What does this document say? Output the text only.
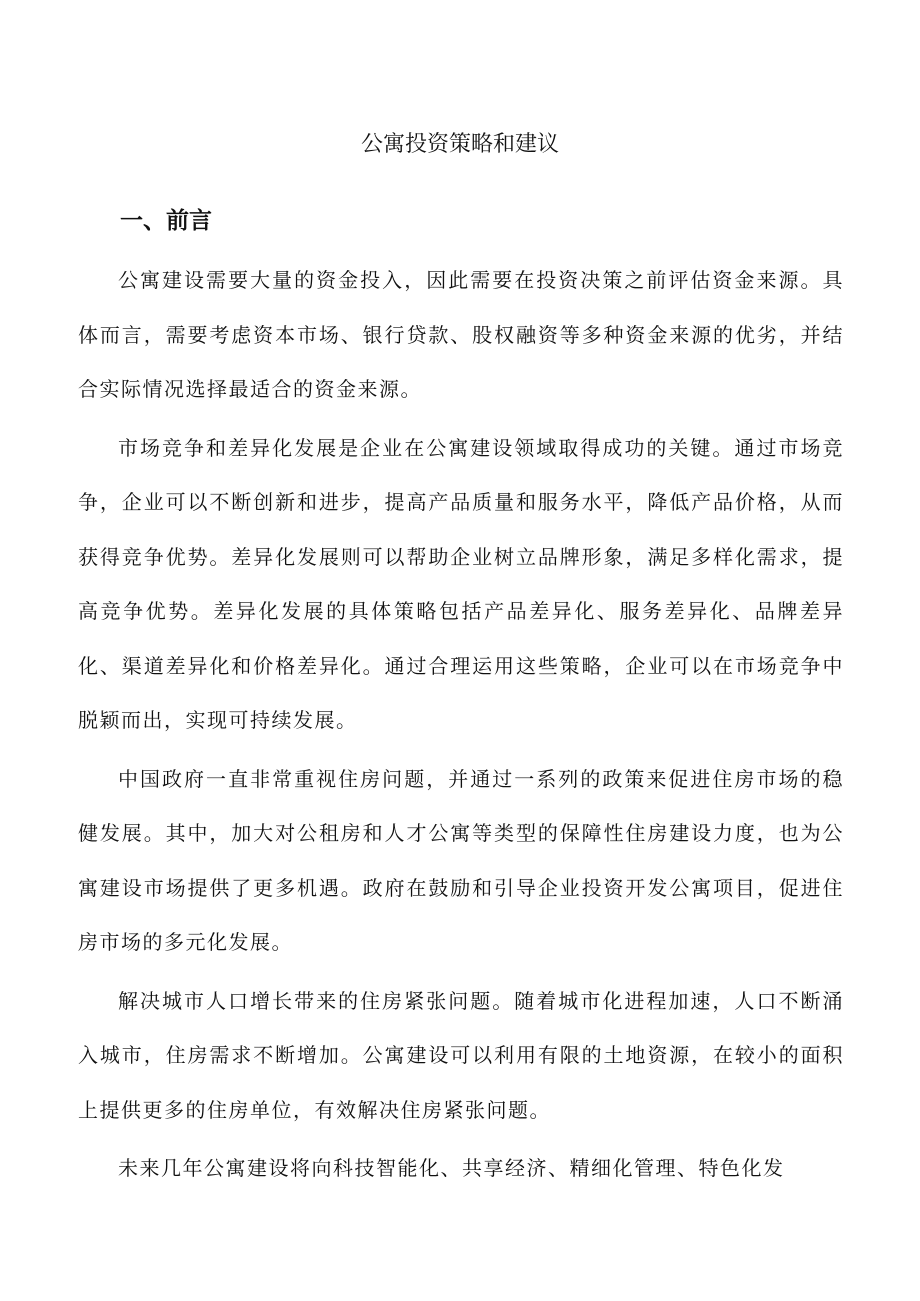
公寓投资策略和建议
一、前言

公寓建设需要大量的资金投入，因此需要在投资决策之前评估资金来源。具体而言，需要考虑资本市场、银行贷款、股权融资等多种资金来源的优劣，并结合实际情况选择最适合的资金来源。

市场竞争和差异化发展是企业在公寓建设领域取得成功的关键。通过市场竞争，企业可以不断创新和进步，提高产品质量和服务水平，降低产品价格，从而获得竞争优势。差异化发展则可以帮助企业树立品牌形象，满足多样化需求，提高竞争优势。差异化发展的具体策略包括产品差异化、服务差异化、品牌差异化、渠道差异化和价格差异化。通过合理运用这些策略，企业可以在市场竞争中脱颖而出，实现可持续发展。

中国政府一直非常重视住房问题，并通过一系列的政策来促进住房市场的稳健发展。其中，加大对公租房和人才公寓等类型的保障性住房建设力度，也为公寓建设市场提供了更多机遇。政府在鼓励和引导企业投资开发公寓项目，促进住房市场的多元化发展。

解决城市人口增长带来的住房紧张问题。随着城市化进程加速，人口不断涌入城市，住房需求不断增加。公寓建设可以利用有限的土地资源，在较小的面积上提供更多的住房单位，有效解决住房紧张问题。

未来几年公寓建设将向科技智能化、共享经济、精细化管理、特色化发
